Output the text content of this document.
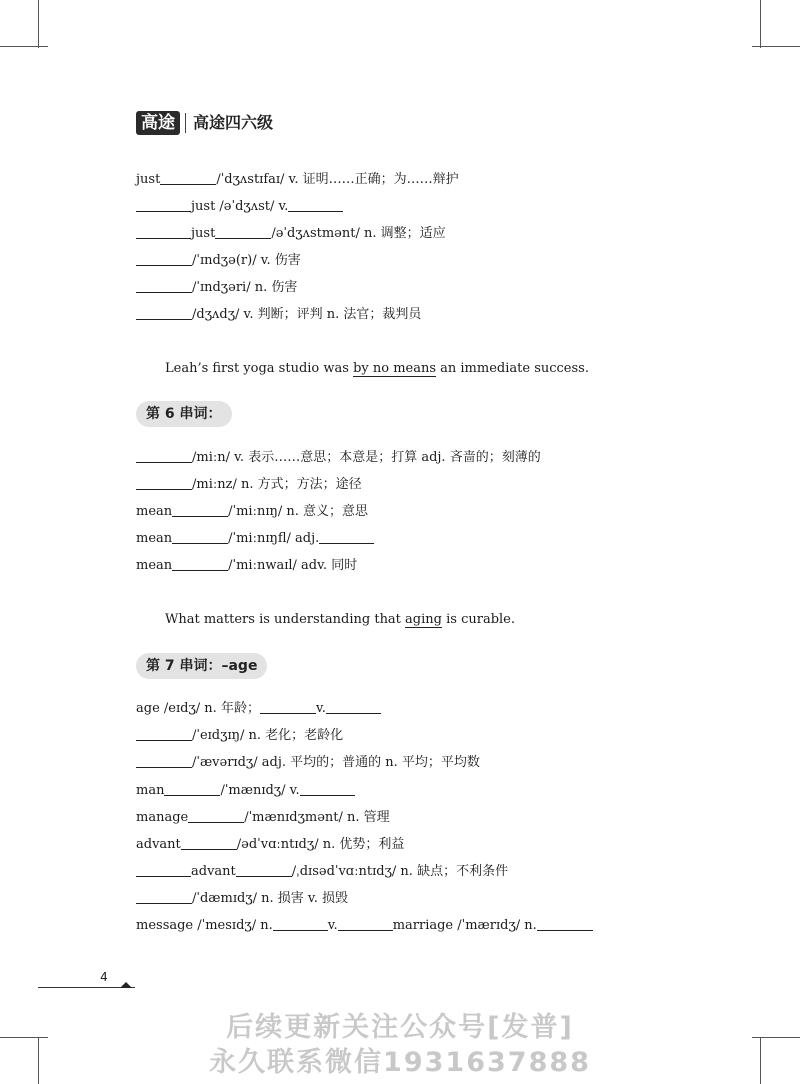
高途	高途四六级
just	/ˈdʒʌstɪfaɪ/ v. 证明……正确；为……辩护
just /əˈdʒʌst/ v.
just	/əˈdʒʌstmənt/ n. 调整；适应
/ˈɪndʒə(r)/ v. 伤害
/ˈɪndʒəri/ n. 伤害
/dʒʌdʒ/ v. 判断；评判 n. 法官；裁判员
Leah’s first yoga studio was by no means an immediate success.
第 6 串词：
/miːn/ v. 表示……意思；本意是；打算 adj. 吝啬的；刻薄的
/miːnz/ n. 方式；方法；途径
mean	/ˈmiːnɪŋ/ n. 意义；意思
mean	/ˈmiːnɪŋfl/ adj.
mean	/ˈmiːnwaɪl/ adv. 同时
What matters is understanding that aging is curable.
第 7 串词：–age
age /eɪdʒ/ n. 年龄；	v.
/ˈeɪdʒɪŋ/ n. 老化；老龄化
/ˈævərɪdʒ/ adj. 平均的；普通的 n. 平均；平均数
man	/ˈmænɪdʒ/ v.
manage	/ˈmænɪdʒmənt/ n. 管理
advant	/ədˈvɑːntɪdʒ/ n. 优势；利益
advant	/ˌdɪsədˈvɑːntɪdʒ/ n. 缺点；不利条件
/ˈdæmɪdʒ/ n. 损害 v. 损毁
message /ˈmesɪdʒ/ n.	v.	marriage /ˈmærɪdʒ/ n.
4
后续更新关注公众号[发普]
永久联系微信1931637888
